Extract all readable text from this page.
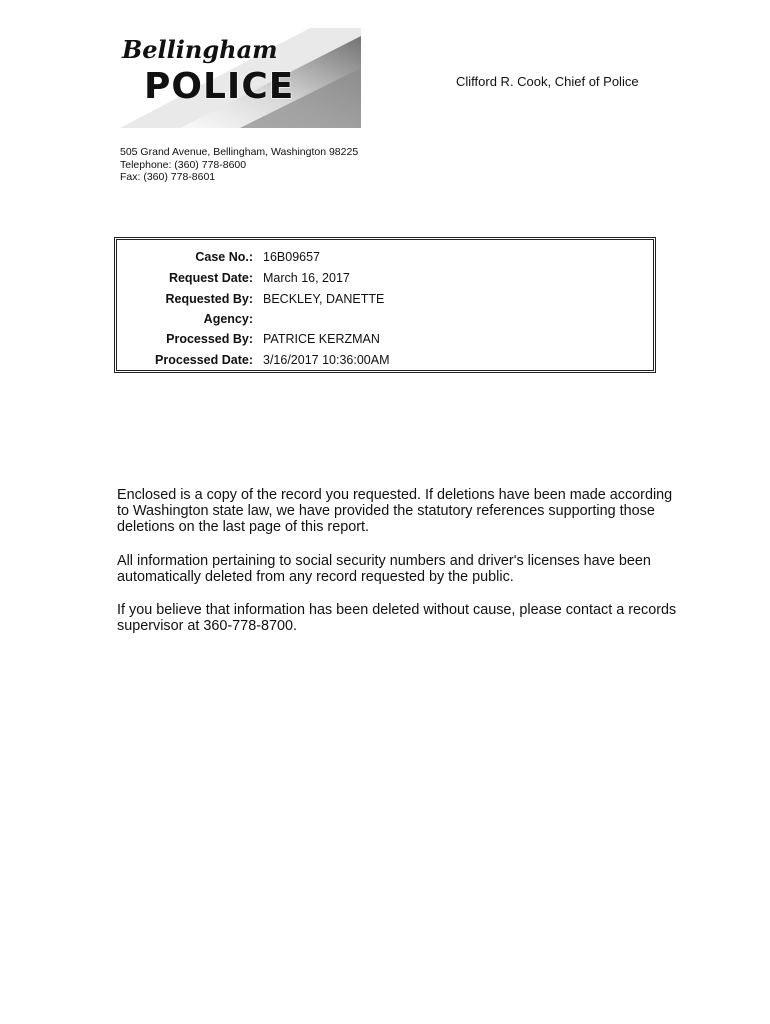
Bellingham
POLICE	Clifford R. Cook, Chief of Police
505 Grand Avenue, Bellingham, Washington 98225
Telephone: (360) 778-8600
Fax: (360) 778-8601
Case No.: 16B09657
Request Date: March 16, 2017
Requested By: BECKLEY, DANETTE
Agency:
Processed By: PATRICE KERZMAN
Processed Date: 3/16/2017 10:36:00AM

Enclosed is a copy of the record you requested. If deletions have been made according to Washington state law, we have provided the statutory references supporting those deletions on the last page of this report.

All information pertaining to social security numbers and driver's licenses have been automatically deleted from any record requested by the public.

If you believe that information has been deleted without cause, please contact a records supervisor at 360-778-8700.
